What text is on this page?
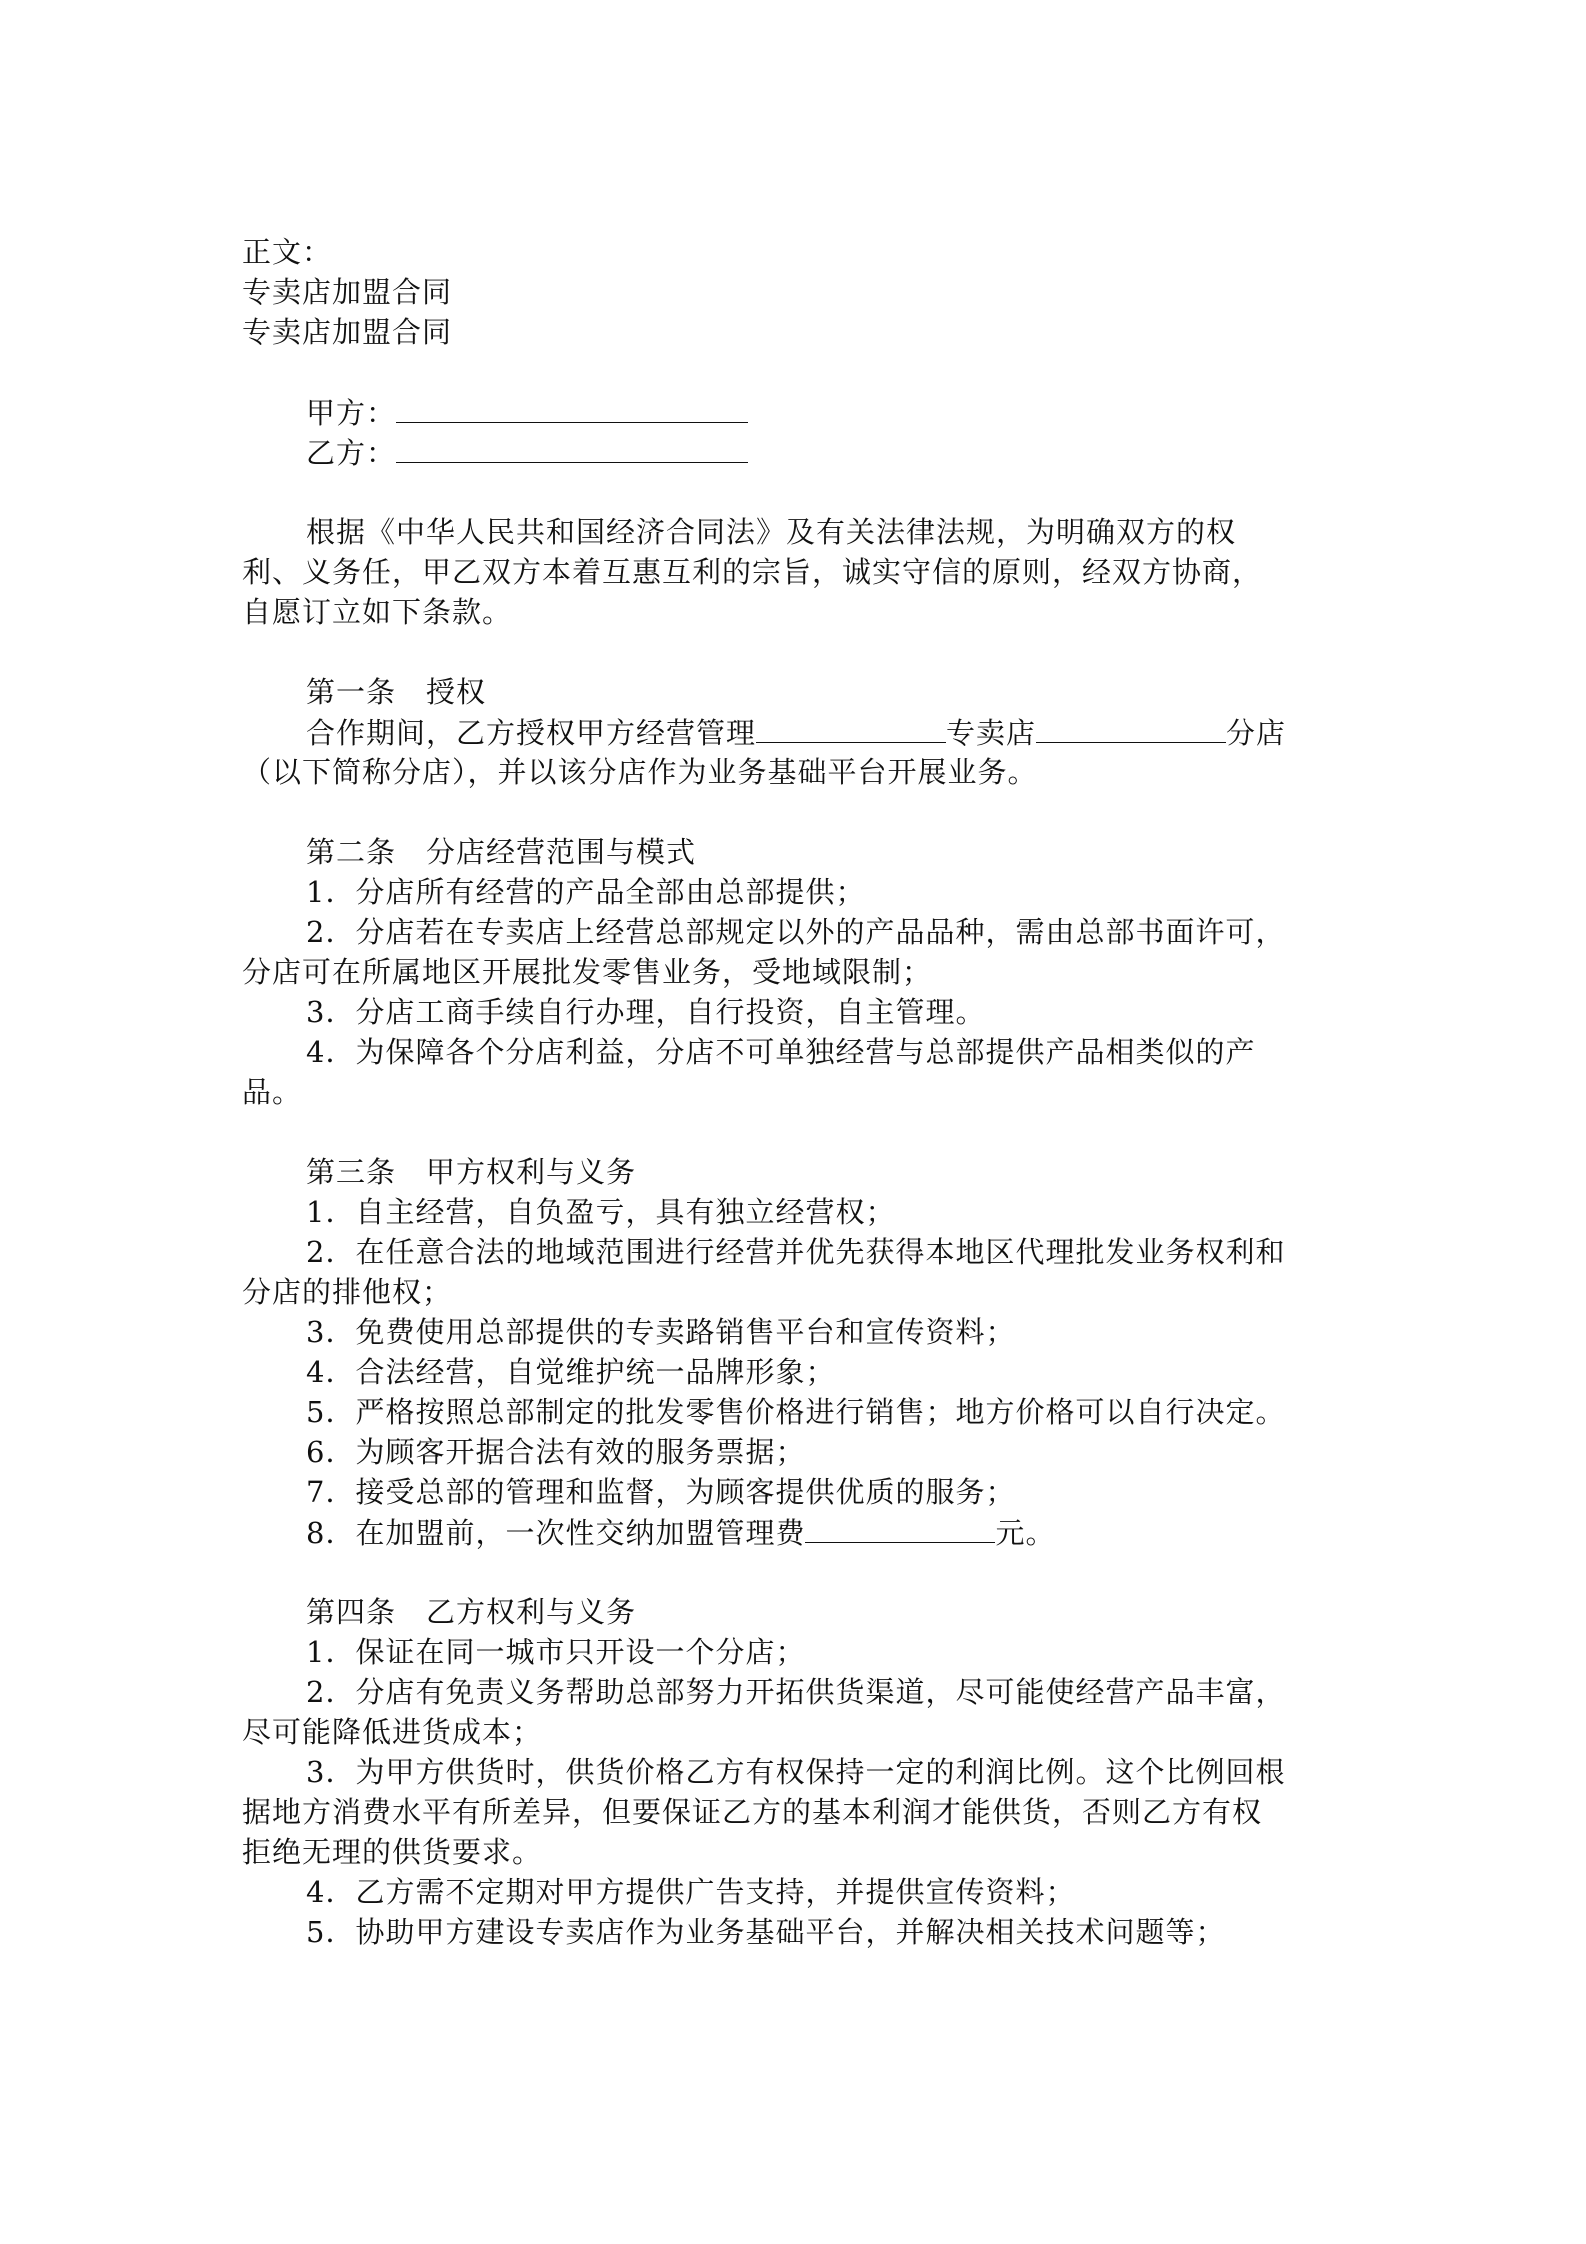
正文：
专卖店加盟合同
专卖店加盟合同
甲方：
乙方：
根据《中华人民共和国经济合同法》及有关法律法规，为明确双方的权
利、义务任，甲乙双方本着互惠互利的宗旨，诚实守信的原则，经双方协商，
自愿订立如下条款。
第一条 授权
合作期间，乙方授权甲方经营管理	专卖店	分店
（以下简称分店），并以该分店作为业务基础平台开展业务。
第二条 分店经营范围与模式
1．分店所有经营的产品全部由总部提供；
2．分店若在专卖店上经营总部规定以外的产品品种，需由总部书面许可，
分店可在所属地区开展批发零售业务，受地域限制；
3．分店工商手续自行办理，自行投资，自主管理。
4．为保障各个分店利益，分店不可单独经营与总部提供产品相类似的产
品。
第三条 甲方权利与义务
1．自主经营，自负盈亏，具有独立经营权；
2．在任意合法的地域范围进行经营并优先获得本地区代理批发业务权利和
分店的排他权；
3．免费使用总部提供的专卖路销售平台和宣传资料；
4．合法经营，自觉维护统一品牌形象；
5．严格按照总部制定的批发零售价格进行销售；地方价格可以自行决定。
6．为顾客开据合法有效的服务票据；
7．接受总部的管理和监督，为顾客提供优质的服务；
8．在加盟前，一次性交纳加盟管理费	元。
第四条 乙方权利与义务
1．保证在同一城市只开设一个分店；
2．分店有免责义务帮助总部努力开拓供货渠道，尽可能使经营产品丰富，
尽可能降低进货成本；
3．为甲方供货时，供货价格乙方有权保持一定的利润比例。这个比例回根
据地方消费水平有所差异，但要保证乙方的基本利润才能供货，否则乙方有权
拒绝无理的供货要求。
4．乙方需不定期对甲方提供广告支持，并提供宣传资料；
5．协助甲方建设专卖店作为业务基础平台，并解决相关技术问题等；
